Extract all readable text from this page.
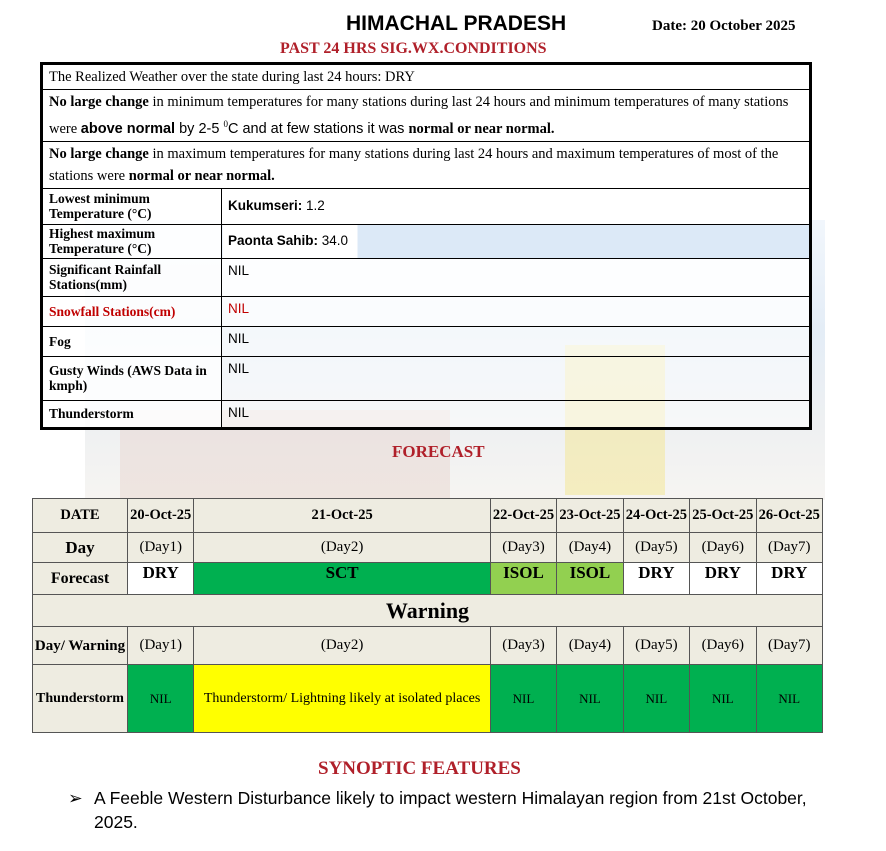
HIMACHAL PRADESH	Date: 20 October 2025
PAST 24 HRS SIG.WX.CONDITIONS
The Realized Weather over the state during last 24 hours: DRY	
No large change in minimum temperatures for many stations during last 24 hours and minimum temperatures of many stations were above normal by 2-5 $^0$C and at few stations it was normal or near normal.	
No large change in maximum temperatures for many stations during last 24 hours and maximum temperatures of most of the stations were normal or near normal.	
Lowest minimum Temperature (°C)	Kukumseri: 1.2
Highest maximum Temperature (°C)	Paonta Sahib: 34.0
Significant Rainfall Stations(mm)	NIL
Snowfall Stations(cm)	NIL
Fog	NIL
Gusty Winds (AWS Data in kmph)	NIL
Thunderstorm	NIL
FORECAST
DATE	20-Oct-25	21-Oct-25	22-Oct-25	23-Oct-25	24-Oct-25	25-Oct-25	26-Oct-25
Day	(Day1)	(Day2)	(Day3)	(Day4)	(Day5)	(Day6)	(Day7)
Forecast	DRY	SCT	ISOL	ISOL	DRY	DRY	DRY
Warning							
Day/ Warning	(Day1)	(Day2)	(Day3)	(Day4)	(Day5)	(Day6)	(Day7)
Thunderstorm	NIL	Thunderstorm/ Lightning likely at isolated places	NIL	NIL	NIL	NIL	NIL
SYNOPTIC FEATURES
➢ A Feeble Western Disturbance likely to impact western Himalayan region from 21st October, 2025.
